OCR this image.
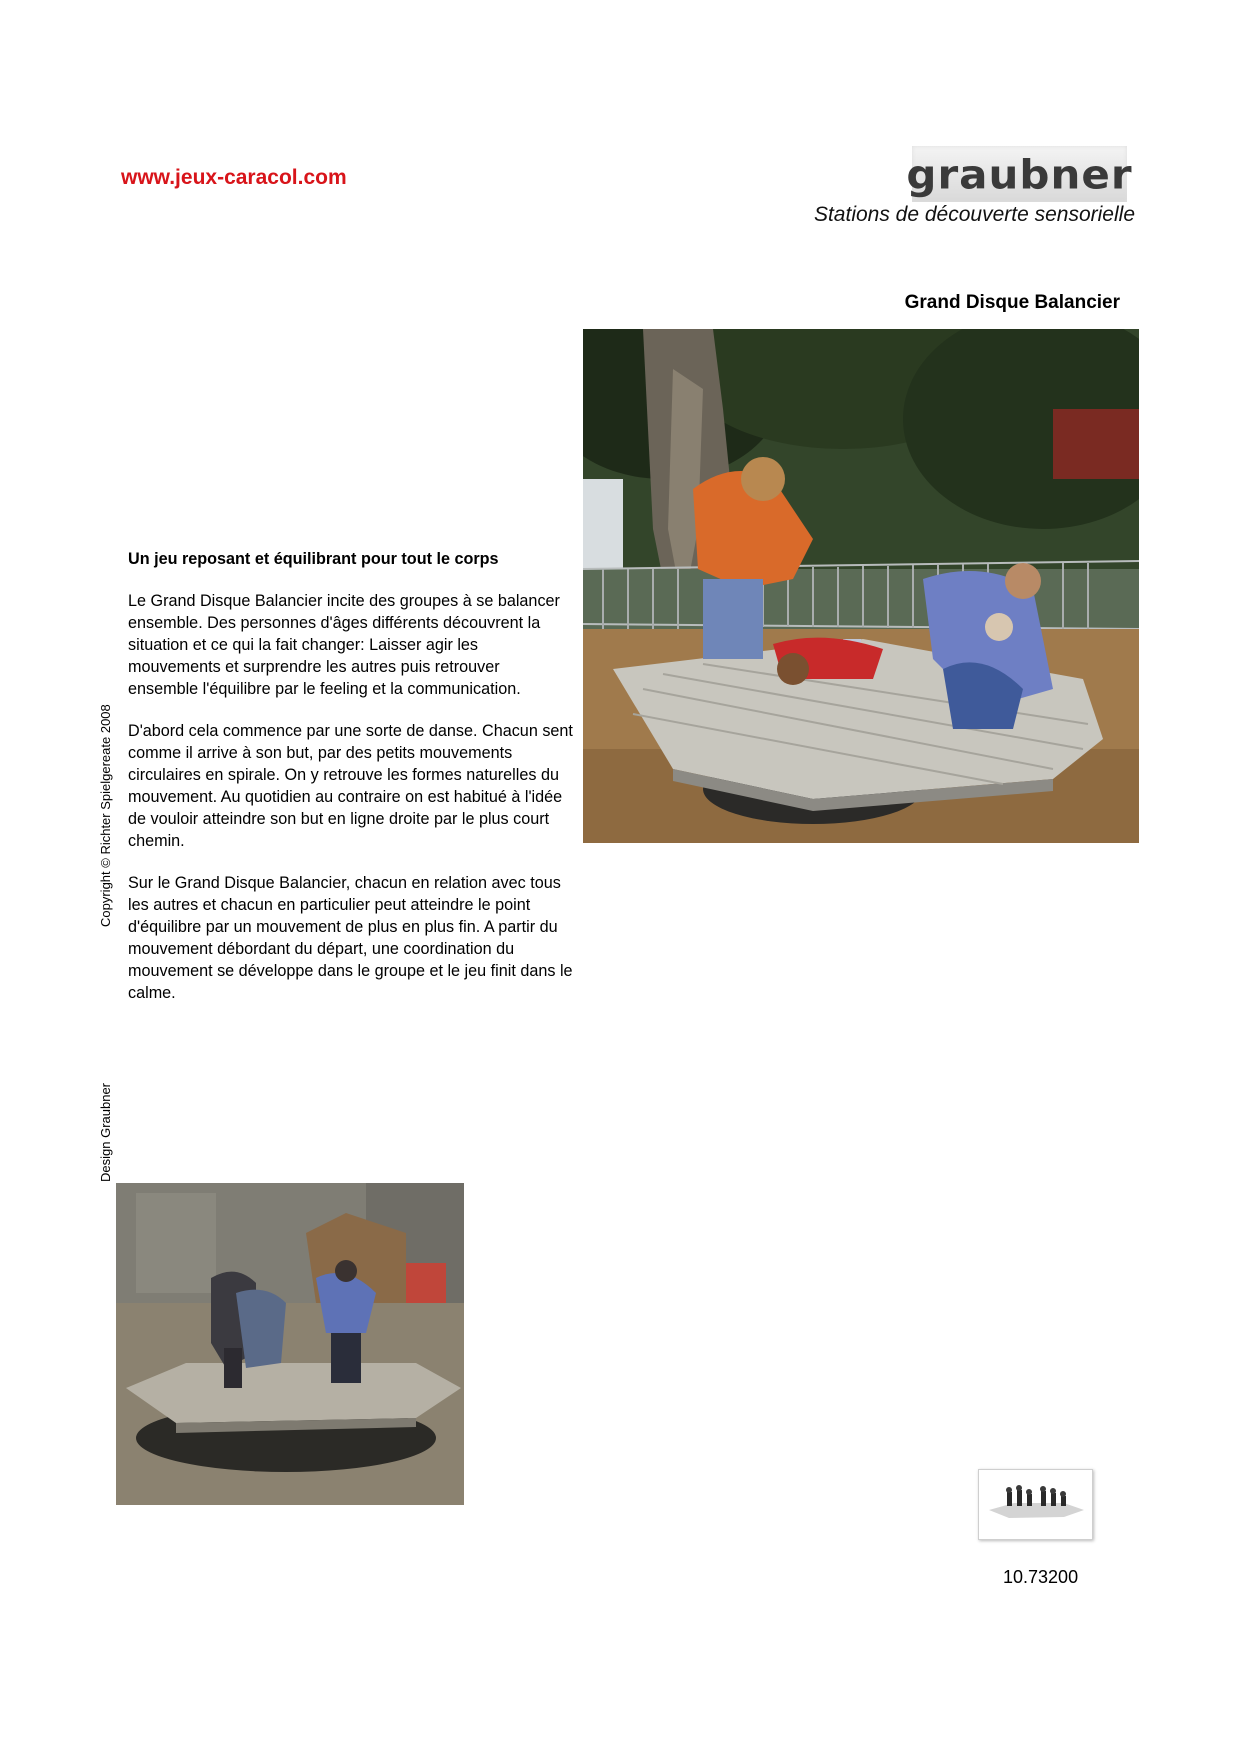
www.jeux-caracol.com	graubner
Stations de découverte sensorielle
Grand Disque Balancier
Un jeu reposant et équilibrant pour tout le corps

Le Grand Disque Balancier incite des groupes à se balancer ensemble. Des personnes d'âges différents découvrent la situation et ce qui la fait changer: Laisser agir les mouvements et surprendre les autres puis retrouver ensemble l'équilibre par le feeling et la communication.

D'abord cela commence par une sorte de danse. Chacun sent comme il arrive à son but, par des petits mouvements circulaires en spirale. On y retrouve les formes naturelles du mouvement. Au quotidien au contraire on est habitué à l'idée de vouloir atteindre son but en ligne droite par le plus court chemin.

Sur le Grand Disque Balancier, chacun en relation avec tous les autres et chacun en particulier peut atteindre le point d'équilibre par un mouvement de plus en plus fin. A partir du mouvement débordant du départ, une coordination du mouvement se développe dans le groupe et le jeu finit dans le calme.

Copyright © Richter Spielgereate 2008
Design Graubner
10.73200
